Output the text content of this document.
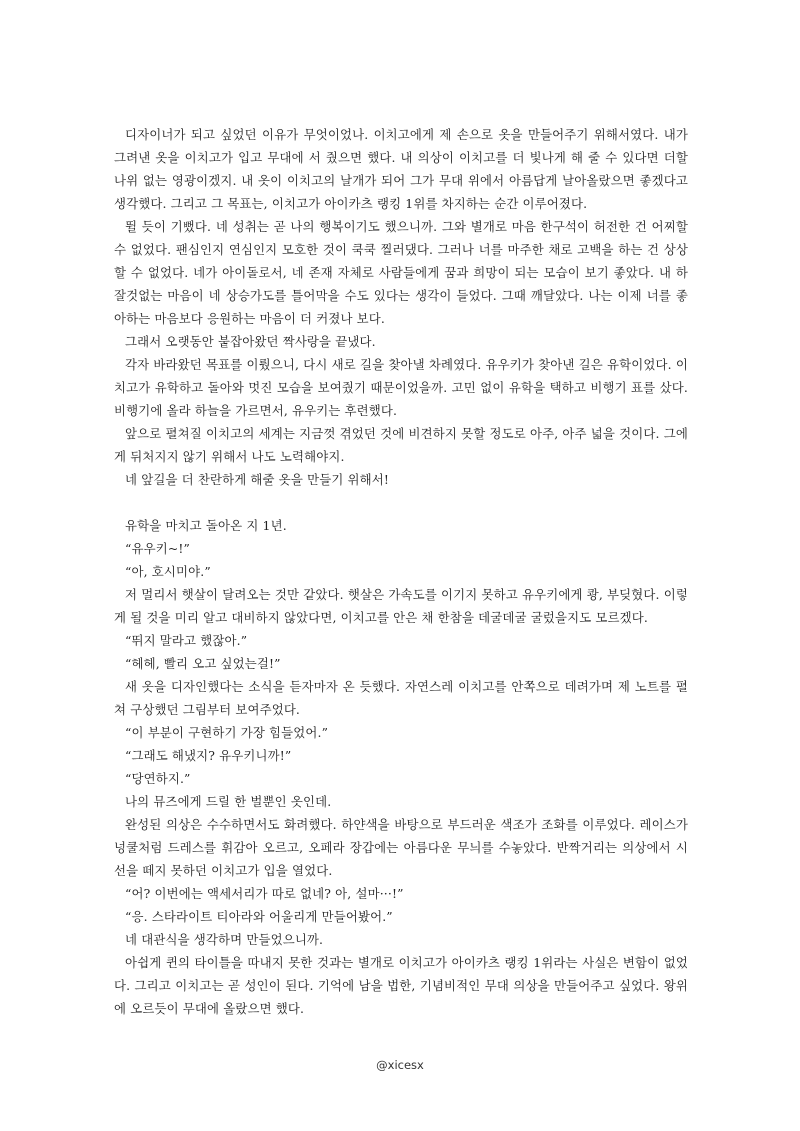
디자이너가 되고 싶었던 이유가 무엇이었나. 이치고에게 제 손으로 옷을 만들어주기 위해서였다. 내가 그려낸 옷을 이치고가 입고 무대에 서 줬으면 했다. 내 의상이 이치고를 더 빛나게 해 줄 수 있다면 더할 나위 없는 영광이겠지. 내 옷이 이치고의 날개가 되어 그가 무대 위에서 아름답게 날아올랐으면 좋겠다고 생각했다. 그리고 그 목표는, 이치고가 아이카츠 랭킹 1위를 차지하는 순간 이루어졌다.

뛸 듯이 기뻤다. 네 성취는 곧 나의 행복이기도 했으니까. 그와 별개로 마음 한구석이 허전한 건 어찌할 수 없었다. 팬심인지 연심인지 모호한 것이 쿡쿡 찔러댔다. 그러나 너를 마주한 채로 고백을 하는 건 상상할 수 없었다. 네가 아이돌로서, 네 존재 자체로 사람들에게 꿈과 희망이 되는 모습이 보기 좋았다. 내 하잘것없는 마음이 네 상승가도를 틀어막을 수도 있다는 생각이 들었다. 그때 깨달았다. 나는 이제 너를 좋아하는 마음보다 응원하는 마음이 더 커졌나 보다.

그래서 오랫동안 붙잡아왔던 짝사랑을 끝냈다.

각자 바라왔던 목표를 이뤘으니, 다시 새로 길을 찾아낼 차례였다. 유우키가 찾아낸 길은 유학이었다. 이치고가 유학하고 돌아와 멋진 모습을 보여줬기 때문이었을까. 고민 없이 유학을 택하고 비행기 표를 샀다. 비행기에 올라 하늘을 가르면서, 유우키는 후련했다.

앞으로 펼쳐질 이치고의 세계는 지금껏 겪었던 것에 비견하지 못할 정도로 아주, 아주 넓을 것이다. 그에게 뒤처지지 않기 위해서 나도 노력해야지.

네 앞길을 더 찬란하게 해줄 옷을 만들기 위해서!

유학을 마치고 돌아온 지 1년.

“유우키~!”

“아, 호시미야.”

저 멀리서 햇살이 달려오는 것만 같았다. 햇살은 가속도를 이기지 못하고 유우키에게 쾅, 부딪혔다. 이렇게 될 것을 미리 알고 대비하지 않았다면, 이치고를 안은 채 한참을 데굴데굴 굴렀을지도 모르겠다.

“뛰지 말라고 했잖아.”

“헤헤, 빨리 오고 싶었는걸!”

새 옷을 디자인했다는 소식을 듣자마자 온 듯했다. 자연스레 이치고를 안쪽으로 데려가며 제 노트를 펼쳐 구상했던 그림부터 보여주었다.

“이 부분이 구현하기 가장 힘들었어.”

“그래도 해냈지? 유우키니까!”

“당연하지.”

나의 뮤즈에게 드릴 한 벌뿐인 옷인데.

완성된 의상은 수수하면서도 화려했다. 하얀색을 바탕으로 부드러운 색조가 조화를 이루었다. 레이스가 넝쿨처럼 드레스를 휘감아 오르고, 오페라 장갑에는 아름다운 무늬를 수놓았다. 반짝거리는 의상에서 시선을 떼지 못하던 이치고가 입을 열었다.

“어? 이번에는 액세서리가 따로 없네? 아, 설마···!”

“응. 스타라이트 티아라와 어울리게 만들어봤어.”

네 대관식을 생각하며 만들었으니까.

아쉽게 퀸의 타이틀을 따내지 못한 것과는 별개로 이치고가 아이카츠 랭킹 1위라는 사실은 변함이 없었다. 그리고 이치고는 곧 성인이 된다. 기억에 남을 법한, 기념비적인 무대 의상을 만들어주고 싶었다. 왕위에 오르듯이 무대에 올랐으면 했다.

@xicesx
